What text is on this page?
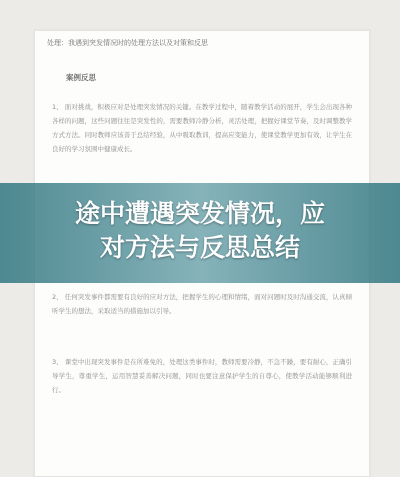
处理：我遇到突发情况时的处理方法以及对策和反思
案例反思
1、 面对挑战，积极应对是处理突发情况的关键。在教学过程中，随着教学活动的展开，学生会出现各种各样的问题，这些问题往往是突发性的，需要教师冷静分析，灵活处理，把握好课堂节奏，及时调整教学方式方法。同时教师应该善于总结经验，从中吸取教训，提高应变能力，使课堂教学更加有效，让学生在良好的学习氛围中健康成长。
2、 任何突发事件都需要有良好的应对方法，把握学生的心理和情绪，面对问题时及时沟通交流，认真倾听学生的想法，采取适当的措施加以引导。
3、 课堂中出现突发事件是在所难免的，处理这类事件时，教师需要冷静，不急不躁，要有耐心，正确引导学生，尊重学生，运用智慧妥善解决问题，同时也要注意保护学生的自尊心，使教学活动能够顺利进行。
途中遭遇突发情况，应
对方法与反思总结
